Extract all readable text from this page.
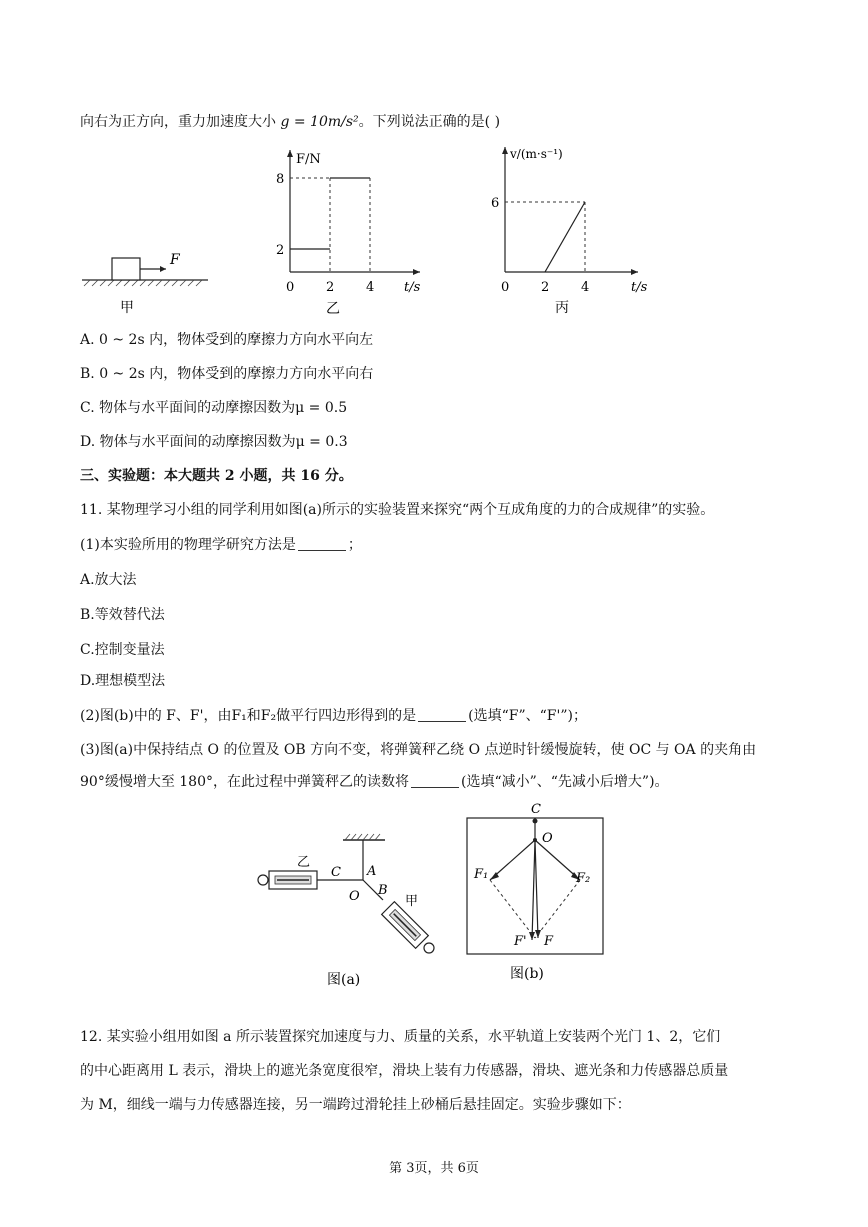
向右为正方向，重力加速度大小 g = 10m/s²。下列说法正确的是( )
F
甲
F/N
8
2
0 2 4 t/s
乙
v/(m·s⁻¹)
6
0 2 4	t/s
丙
A. 0 ~ 2s 内，物体受到的摩擦力方向水平向左
B. 0 ~ 2s 内，物体受到的摩擦力方向水平向右
C. 物体与水平面间的动摩擦因数为μ = 0.5
D. 物体与水平面间的动摩擦因数为μ = 0.3
三、实验题：本大题共 2 小题，共 16 分。
11. 某物理学习小组的同学利用如图(a)所示的实验装置来探究“两个互成角度的力的合成规律”的实验。
(1)本实验所用的物理学研究方法是	；
A.放大法
B.等效替代法
C.控制变量法
D.理想模型法
(2)图(b)中的 F、F'，由F₁和F₂做平行四边形得到的是	(选填“F”、“F'”)；
(3)图(a)中保持结点 O 的位置及 OB 方向不变，将弹簧秤乙绕 O 点逆时针缓慢旋转，使 OC 与 OA 的夹角由
90°缓慢增大至 180°，在此过程中弹簧秤乙的读数将	(选填“减小”、“先减小后增大”)。
乙
C A
O B
甲
图(a)
C
O
F₁	F₂
F' F
图(b)
12. 某实验小组用如图 a 所示装置探究加速度与力、质量的关系，水平轨道上安装两个光门 1、2，它们
的中心距离用 L 表示，滑块上的遮光条宽度很窄，滑块上装有力传感器，滑块、遮光条和力传感器总质量
为 M，细线一端与力传感器连接，另一端跨过滑轮挂上砂桶后悬挂固定。实验步骤如下：
第 3页，共 6页
